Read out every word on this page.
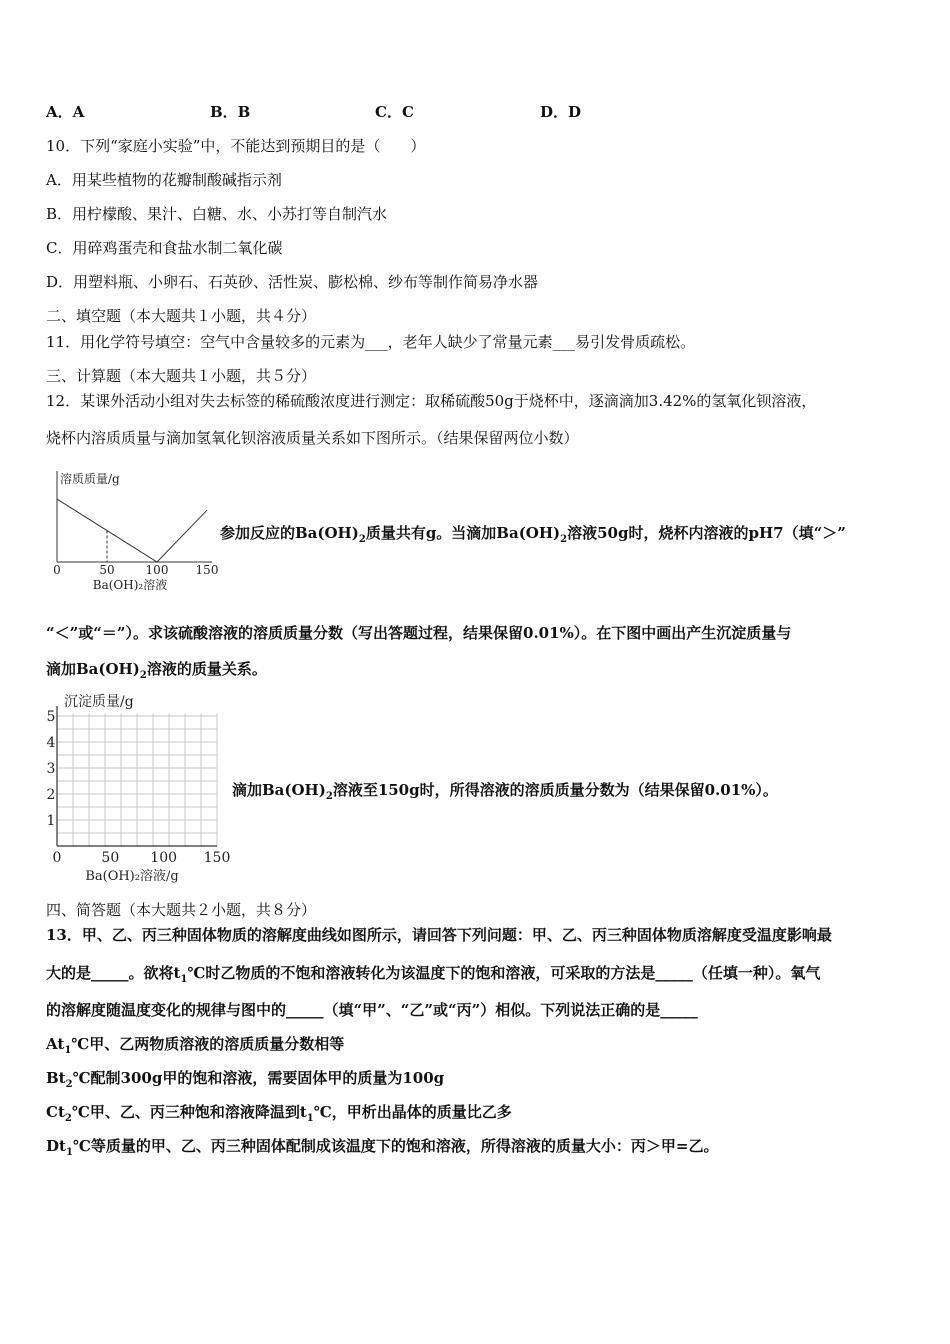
A．A	B．B	C．C	D．D
10．下列“家庭小实验”中，不能达到预期目的是（　　）
A．用某些植物的花瓣制酸碱指示剂
B．用柠檬酸、果汁、白糖、水、小苏打等自制汽水
C．用碎鸡蛋壳和食盐水制二氧化碳
D．用塑料瓶、小卵石、石英砂、活性炭、膨松棉、纱布等制作简易净水器
二、填空题（本大题共１小题，共４分）
11．用化学符号填空：空气中含量较多的元素为___，老年人缺少了常量元素___易引发骨质疏松。
三、计算题（本大题共１小题，共５分）
12．某课外活动小组对失去标签的稀硫酸浓度进行测定：取稀硫酸50g于烧杯中，逐滴滴加3.42%的氢氧化钡溶液，
烧杯内溶质质量与滴加氢氧化钡溶液质量关系如下图所示。（结果保留两位小数）
溶质质量/g
0	50	100 150
Ba(OH)₂溶液
参加反应的$Ba(OH)_2$质量共有g。当滴加$Ba(OH)_2$溶液50g时，烧杯内溶液的pH7（填“＞”
“＜”或“＝”）。求该硫酸溶液的溶质质量分数（写出答题过程，结果保留0.01%）。在下图中画出产生沉淀质量与
滴加$Ba(OH)_2$溶液的质量关系。
沉淀质量/g
1
2
3
4
5
0	50 100 150
Ba(OH)₂溶液/g
滴加$Ba(OH)_2$溶液至150g时，所得溶液的溶质质量分数为（结果保留0.01%）。
四、简答题（本大题共２小题，共８分）
13．甲、乙、丙三种固体物质的溶解度曲线如图所示，请回答下列问题：甲、乙、丙三种固体物质溶解度受温度影响最
大的是_____。欲将$t_1℃$时乙物质的不饱和溶液转化为该温度下的饱和溶液，可采取的方法是_____（任填一种）。氧气
的溶解度随温度变化的规律与图中的_____（填“甲”、“乙”或“丙”）相似。下列说法正确的是_____
$At_1℃$甲、乙两物质溶液的溶质质量分数相等
$Bt_2℃$配制300g甲的饱和溶液，需要固体甲的质量为100g
$Ct_2℃$甲、乙、丙三种饱和溶液降温到$t_1℃$，甲析出晶体的质量比乙多
$Dt_1℃$等质量的甲、乙、丙三种固体配制成该温度下的饱和溶液，所得溶液的质量大小：丙＞甲=乙。
